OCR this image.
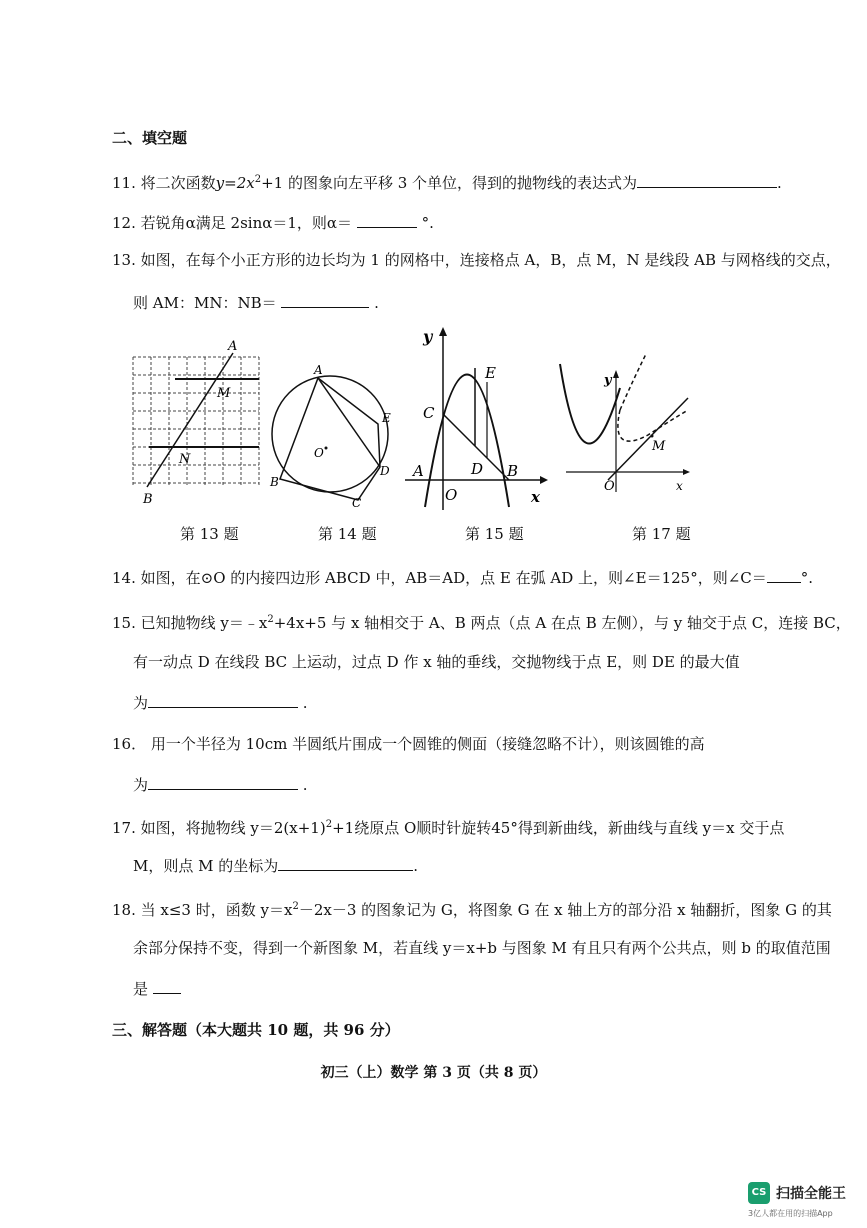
二、填空题
11. 将二次函数$y=2x^2+1$ 的图象向左平移 3 个单位，得到的抛物线的表达式为	.
12. 若锐角α满足 2sinα＝1，则α＝	°.
13. 如图，在每个小正方形的边长均为 1 的网格中，连接格点 A，B，点 M，N 是线段 AB 与网格线的交点，
则 AM：MN：NB＝	.
A
M
N
B
第 13 题
A
E
O
D
B
C
第 14 题
y
E
C
A
O
D B
x
第 15 题
y
M
O	x
第 17 题
14. 如图，在⊙O 的内接四边形 ABCD 中，AB＝AD，点 E 在弧 AD 上，则∠E＝125°，则∠C＝ °.
15. 已知抛物线 $y=﹣x^2+4x+5$ 与 x 轴相交于 A、B 两点（点 A 在点 B 左侧），与 y 轴交于点 C，连接 BC，
有一动点 D 在线段 BC 上运动，过点 D 作 x 轴的垂线，交抛物线于点 E，则 DE 的最大值
为	.
16． 用一个半径为 10cm 半圆纸片围成一个圆锥的侧面（接缝忽略不计），则该圆锥的高
为	.
17. 如图，将抛物线 $y=2(x+1)^2+1$绕原点 O顺时针旋转45°得到新曲线，新曲线与直线 y＝x 交于点
M，则点 M 的坐标为	.
18. 当 x≤3 时，函数 $y=x^2-2x-3$ 的图象记为 G，将图象 G 在 x 轴上方的部分沿 x 轴翻折，图象 G 的其
余部分保持不变，得到一个新图象 M，若直线 y＝x+b 与图象 M 有且只有两个公共点，则 b 的取值范围
是
三、解答题（本大题共 10 题，共 96 分）
初三（上）数学 第 3 页（共 8 页）
CS 扫描全能王
3亿人都在用的扫描App
